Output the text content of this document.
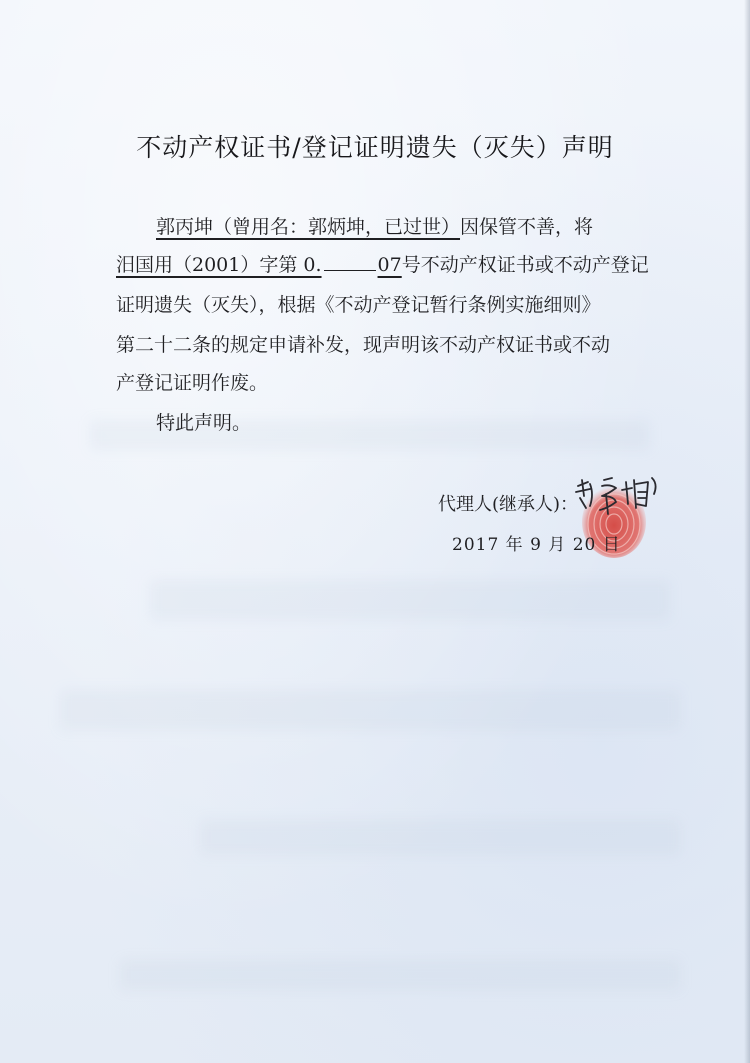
不动产权证书/登记证明遗失（灭失）声明
郭丙坤（曾用名：郭炳坤，已过世）因保管不善，将
汨国用（2001）字第 0.	07号不动产权证书或不动产登记
证明遗失（灭失），根据《不动产登记暂行条例实施细则》
第二十二条的规定申请补发，现声明该不动产权证书或不动
产登记证明作废。
特此声明。
代理人(继承人)：
2017 年 9 月 20 日
